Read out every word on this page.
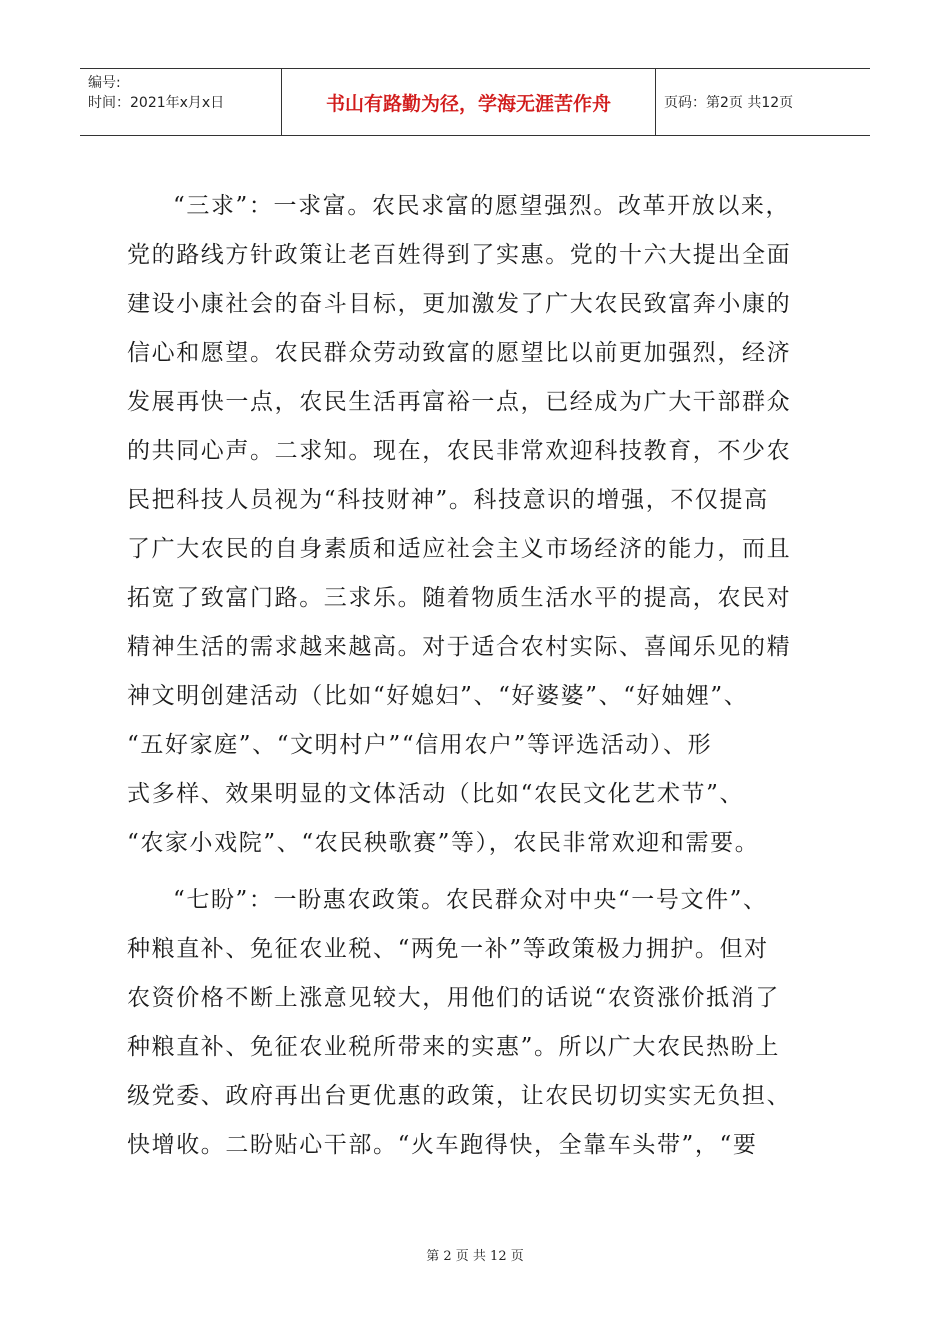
编号:
时间：2021年x月x日	书山有路勤为径，学海无涯苦作舟	页码：第2页 共12页
“三求”：一求富。农民求富的愿望强烈。改革开放以来，
党的路线方针政策让老百姓得到了实惠。党的十六大提出全面
建设小康社会的奋斗目标，更加激发了广大农民致富奔小康的
信心和愿望。农民群众劳动致富的愿望比以前更加强烈，经济
发展再快一点，农民生活再富裕一点，已经成为广大干部群众
的共同心声。二求知。现在，农民非常欢迎科技教育，不少农
民把科技人员视为“科技财神”。科技意识的增强，不仅提高
了广大农民的自身素质和适应社会主义市场经济的能力，而且
拓宽了致富门路。三求乐。随着物质生活水平的提高，农民对
精神生活的需求越来越高。对于适合农村实际、喜闻乐见的精
神文明创建活动（比如“好媳妇”、“好婆婆”、“好妯娌”、
“五好家庭”、“文明村户”“信用农户”等评选活动）、形
式多样、效果明显的文体活动（比如“农民文化艺术节”、
“农家小戏院”、“农民秧歌赛”等），农民非常欢迎和需要。
“七盼”：一盼惠农政策。农民群众对中央“一号文件”、
种粮直补、免征农业税、“两免一补”等政策极力拥护。但对
农资价格不断上涨意见较大，用他们的话说“农资涨价抵消了
种粮直补、免征农业税所带来的实惠”。所以广大农民热盼上
级党委、政府再出台更优惠的政策，让农民切切实实无负担、
快增收。二盼贴心干部。“火车跑得快，全靠车头带”，“要
第 2 页 共 12 页
